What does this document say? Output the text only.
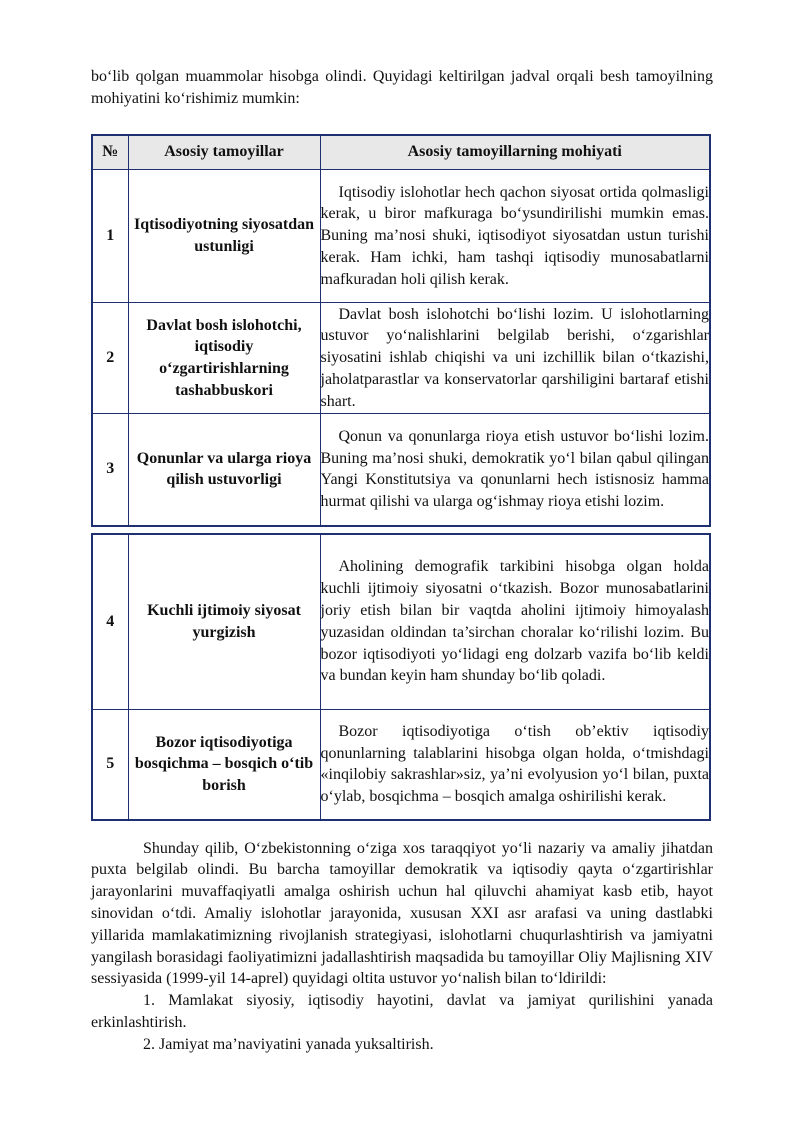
bo‘lib qolgan muammolar hisobga olindi. Quyidagi keltirilgan jadval orqali besh tamoyilning mohiyatini ko‘rishimiz mumkin:

№	Asosiy tamoyillar	Asosiy tamoyillarning mohiyati
1	Iqtisodiyotning siyosatdan ustunligi	Iqtisodiy islohotlar hech qachon siyosat ortida qolmasligi kerak, u biror mafkuraga bo‘ysundirilishi mumkin emas. Buning ma’nosi shuki, iqtisodiyot siyosatdan ustun turishi kerak. Ham ichki, ham tashqi iqtisodiy munosabatlarni mafkuradan holi qilish kerak.

2	Davlat bosh islohotchi, iqtisodiy o‘zgartirishlarning tashabbuskori	Davlat bosh islohotchi bo‘lishi lozim. U islohotlarning ustuvor yo‘nalishlarini belgilab berishi, o‘zgarishlar siyosatini ishlab chiqishi va uni izchillik bilan o‘tkazishi, jaholatparastlar va konservatorlar qarshiligini bartaraf etishi shart.

3	Qonunlar va ularga rioya qilish ustuvorligi	Qonun va qonunlarga rioya etish ustuvor bo‘lishi lozim. Buning ma’nosi shuki, demokratik yo‘l bilan qabul qilingan Yangi Konstitutsiya va qonunlarni hech istisnosiz hamma hurmat qilishi va ularga og‘ishmay rioya etishi lozim.
4	Kuchli ijtimoiy siyosat yurgizish	Aholining demografik tarkibini hisobga olgan holda kuchli ijtimoiy siyosatni o‘tkazish. Bozor munosabatlarini joriy etish bilan bir vaqtda aholini ijtimoiy himoyalash yuzasidan oldindan ta’sirchan choralar ko‘rilishi lozim. Bu bozor iqtisodiyoti yo‘lidagi eng dolzarb vazifa bo‘lib keldi va bundan keyin ham shunday bo‘lib qoladi.

5	Bozor iqtisodiyotiga bosqichma – bosqich o‘tib borish	Bozor iqtisodiyotiga o‘tish ob’ektiv iqtisodiy qonunlarning talablarini hisobga olgan holda, o‘tmishdagi «inqilobiy sakrashlar»siz, ya’ni evolyusion yo‘l bilan, puxta o‘ylab, bosqichma – bosqich amalga oshirilishi kerak.

Shunday qilib, O‘zbekistonning o‘ziga xos taraqqiyot yo‘li nazariy va amaliy jihatdan puxta belgilab olindi. Bu barcha tamoyillar demokratik va iqtisodiy qayta o‘zgartirishlar jarayonlarini muvaffaqiyatli amalga oshirish uchun hal qiluvchi ahamiyat kasb etib, hayot sinovidan o‘tdi. Amaliy islohotlar jarayonida, xususan XXI asr arafasi va uning dastlabki yillarida mamlakatimizning rivojlanish strategiyasi, islohotlarni chuqurlashtirish va jamiyatni yangilash borasidagi faoliyatimizni jadallashtirish maqsadida bu tamoyillar Oliy Majlisning XIV sessiyasida (1999-yil 14-aprel) quyidagi oltita ustuvor yo‘nalish bilan to‘ldirildi:

1. Mamlakat siyosiy, iqtisodiy hayotini, davlat va jamiyat qurilishini yanada erkinlashtirish.

2. Jamiyat ma’naviyatini yanada yuksaltirish.
